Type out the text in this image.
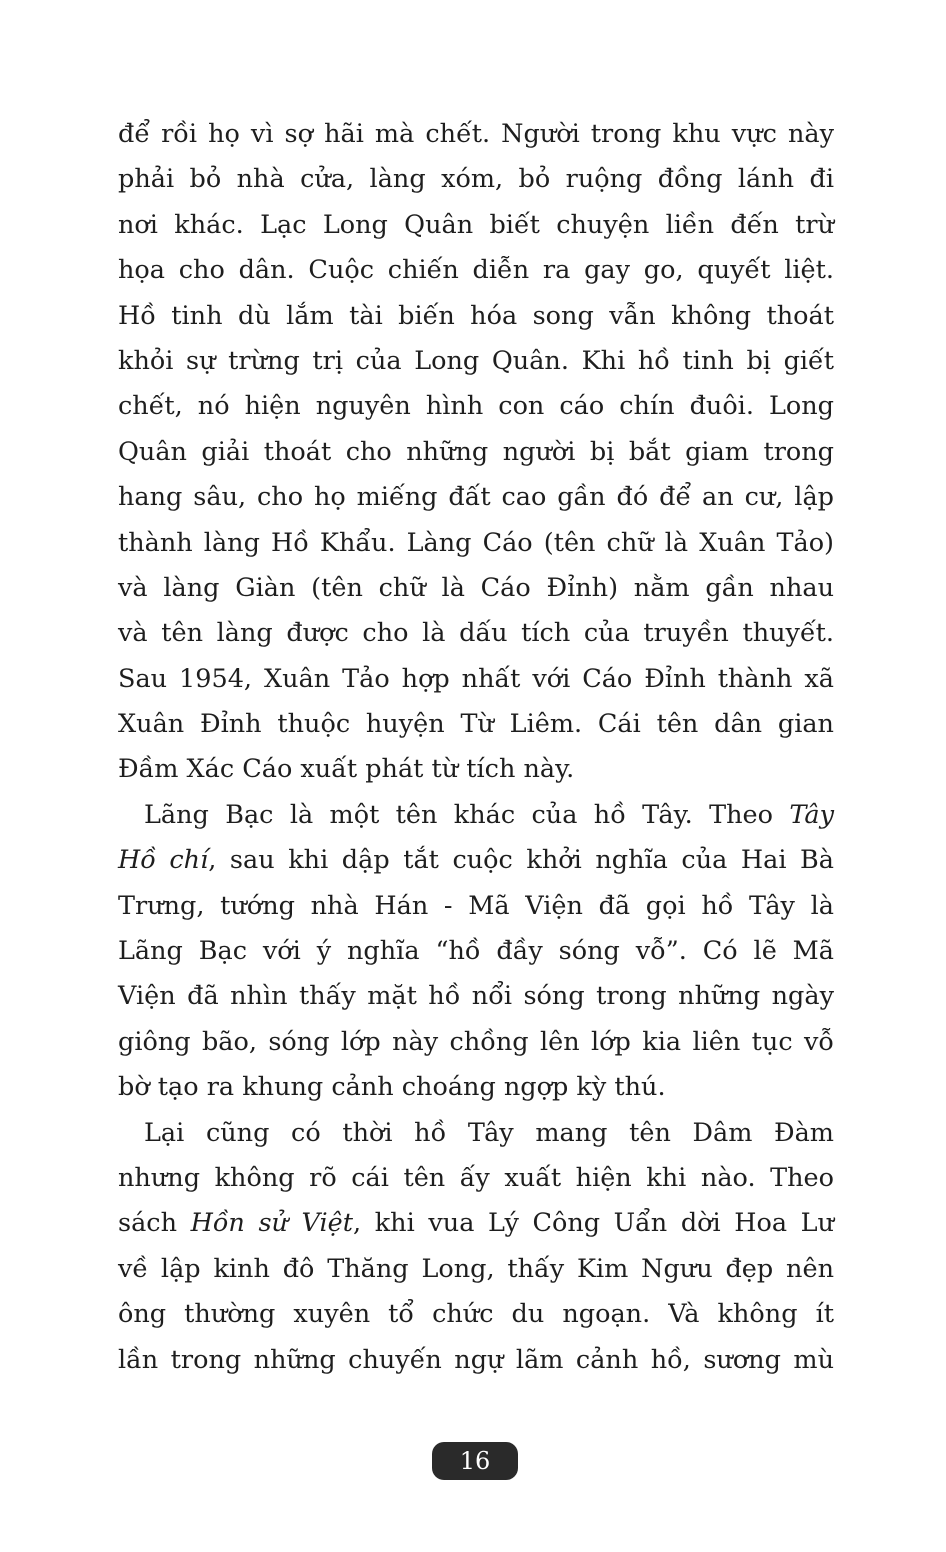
để rồi họ vì sợ hãi mà chết. Người trong khu vực này
phải bỏ nhà cửa, làng xóm, bỏ ruộng đồng lánh đi
nơi khác. Lạc Long Quân biết chuyện liền đến trừ
họa cho dân. Cuộc chiến diễn ra gay go, quyết liệt.
Hồ tinh dù lắm tài biến hóa song vẫn không thoát
khỏi sự trừng trị của Long Quân. Khi hồ tinh bị giết
chết, nó hiện nguyên hình con cáo chín đuôi. Long
Quân giải thoát cho những người bị bắt giam trong
hang sâu, cho họ miếng đất cao gần đó để an cư, lập
thành làng Hồ Khẩu. Làng Cáo (tên chữ là Xuân Tảo)
và làng Giàn (tên chữ là Cáo Đỉnh) nằm gần nhau
và tên làng được cho là dấu tích của truyền thuyết.
Sau 1954, Xuân Tảo hợp nhất với Cáo Đỉnh thành xã
Xuân Đỉnh thuộc huyện Từ Liêm. Cái tên dân gian
Đầm Xác Cáo xuất phát từ tích này.
Lãng Bạc là một tên khác của hồ Tây. Theo Tây
Hồ chí, sau khi dập tắt cuộc khởi nghĩa của Hai Bà
Trưng, tướng nhà Hán - Mã Viện đã gọi hồ Tây là
Lãng Bạc với ý nghĩa “hồ đầy sóng vỗ”. Có lẽ Mã
Viện đã nhìn thấy mặt hồ nổi sóng trong những ngày
giông bão, sóng lớp này chồng lên lớp kia liên tục vỗ
bờ tạo ra khung cảnh choáng ngợp kỳ thú.
Lại cũng có thời hồ Tây mang tên Dâm Đàm
nhưng không rõ cái tên ấy xuất hiện khi nào. Theo
sách Hồn sử Việt, khi vua Lý Công Uẩn dời Hoa Lư
về lập kinh đô Thăng Long, thấy Kim Ngưu đẹp nên
ông thường xuyên tổ chức du ngoạn. Và không ít
lần trong những chuyến ngự lãm cảnh hồ, sương mù
16
